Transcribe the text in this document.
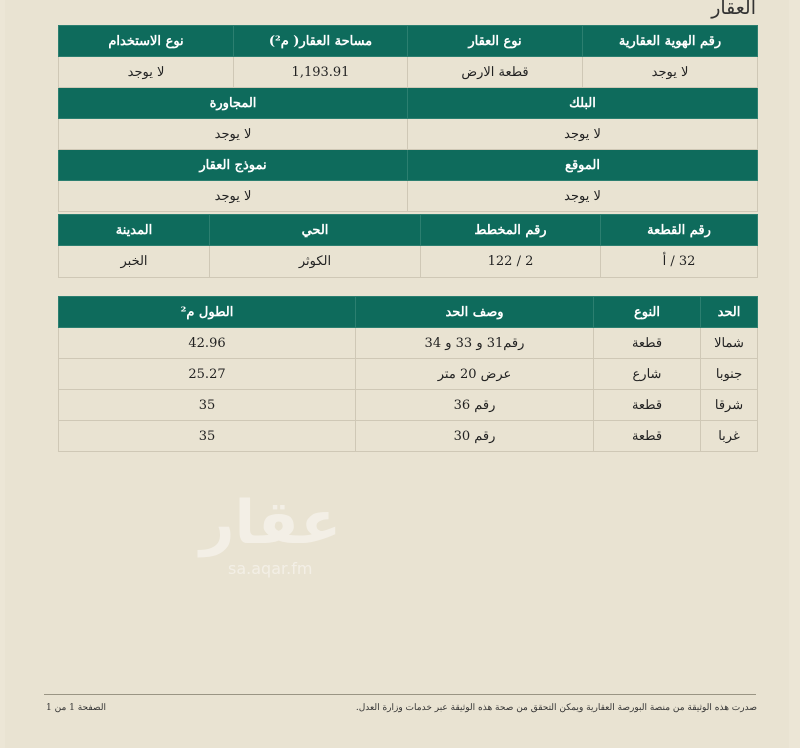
العقار
رقم الهوية العقارية	نوع العقار	مساحة العقار( م²)	نوع الاستخدام
لا يوجد	قطعة الارض	1,193.91	لا يوجد
البلك		المجاورة	
لا يوجد		لا يوجد	
الموقع		نموذج العقار	
لا يوجد		لا يوجد	
رقم القطعة	رقم المخطط	الحي	المدينة
32 / أ	2 / 122	الكوثر	الخبر
الحد	النوع	وصف الحد	الطول م²
شمالا	قطعة	رقم31 و 33 و 34	42.96
جنوبا	شارع	عرض 20 متر	25.27
شرقا	قطعة	رقم 36	35
غربا	قطعة	رقم 30	35
عقار
sa.aqar.fm
صدرت هذه الوثيقة من منصة البورصة العقارية ويمكن التحقق من صحة هذه الوثيقة عبر خدمات وزارة العدل.
الصفحة 1 من 1
